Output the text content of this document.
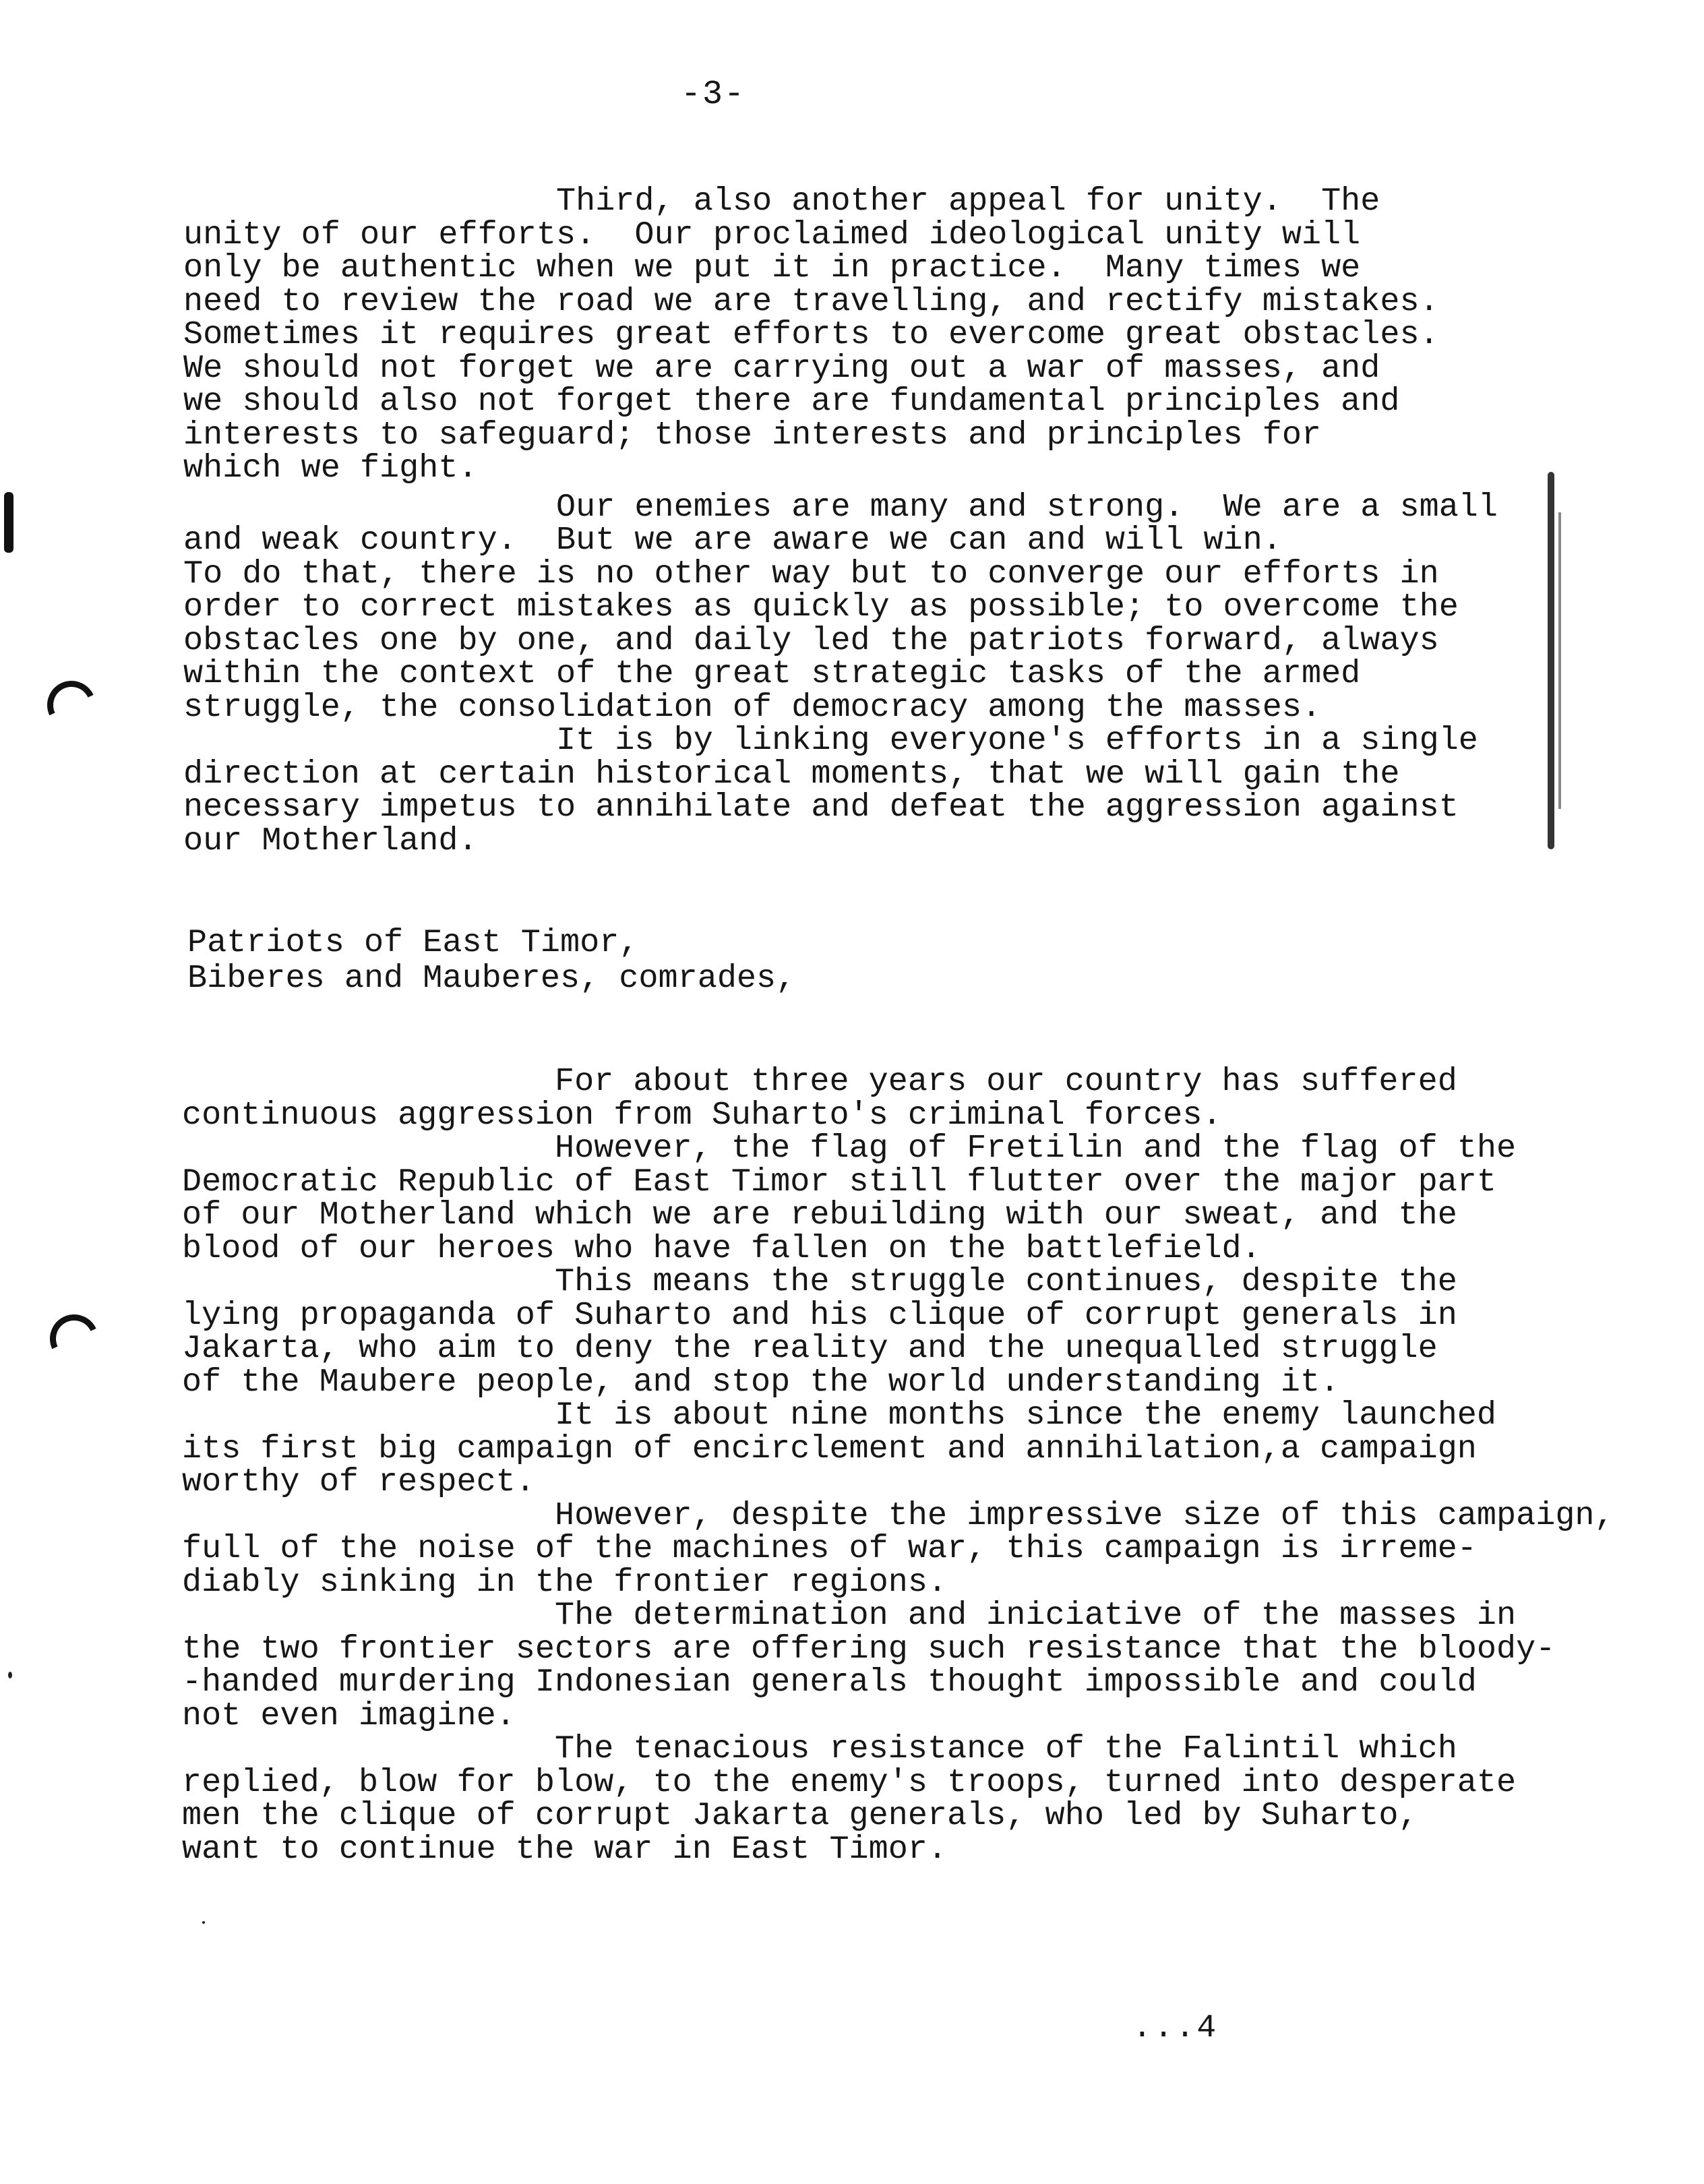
-3-
Third, also another appeal for unity.  The
unity of our efforts.  Our proclaimed ideological unity will
only be authentic when we put it in practice.  Many times we
need to review the road we are travelling, and rectify mistakes.
Sometimes it requires great efforts to evercome great obstacles.
We should not forget we are carrying out a war of masses, and
we should also not forget there are fundamental principles and
interests to safeguard; those interests and principles for
which we fight.
Our enemies are many and strong.  We are a small
and weak country.  But we are aware we can and will win.
To do that, there is no other way but to converge our efforts in
order to correct mistakes as quickly as possible; to overcome the
obstacles one by one, and daily led the patriots forward, always
within the context of the great strategic tasks of the armed
struggle, the consolidation of democracy among the masses.
It is by linking everyone's efforts in a single
direction at certain historical moments, that we will gain the
necessary impetus to annihilate and defeat the aggression against
our Motherland.
Patriots of East Timor,
Biberes and Mauberes, comrades,
For about three years our country has suffered
continuous aggression from Suharto's criminal forces.
However, the flag of Fretilin and the flag of the
Democratic Republic of East Timor still flutter over the major part
of our Motherland which we are rebuilding with our sweat, and the
blood of our heroes who have fallen on the battlefield.
This means the struggle continues, despite the
lying propaganda of Suharto and his clique of corrupt generals in
Jakarta, who aim to deny the reality and the unequalled struggle
of the Maubere people, and stop the world understanding it.
It is about nine months since the enemy launched
its first big campaign of encirclement and annihilation,a campaign
worthy of respect.
However, despite the impressive size of this campaign,
full of the noise of the machines of war, this campaign is irreme-
diably sinking in the frontier regions.
The determination and iniciative of the masses in
the two frontier sectors are offering such resistance that the bloody-
-handed murdering Indonesian generals thought impossible and could
not even imagine.
The tenacious resistance of the Falintil which
replied, blow for blow, to the enemy's troops, turned into desperate
men the clique of corrupt Jakarta generals, who led by Suharto,
want to continue the war in East Timor.
...4
